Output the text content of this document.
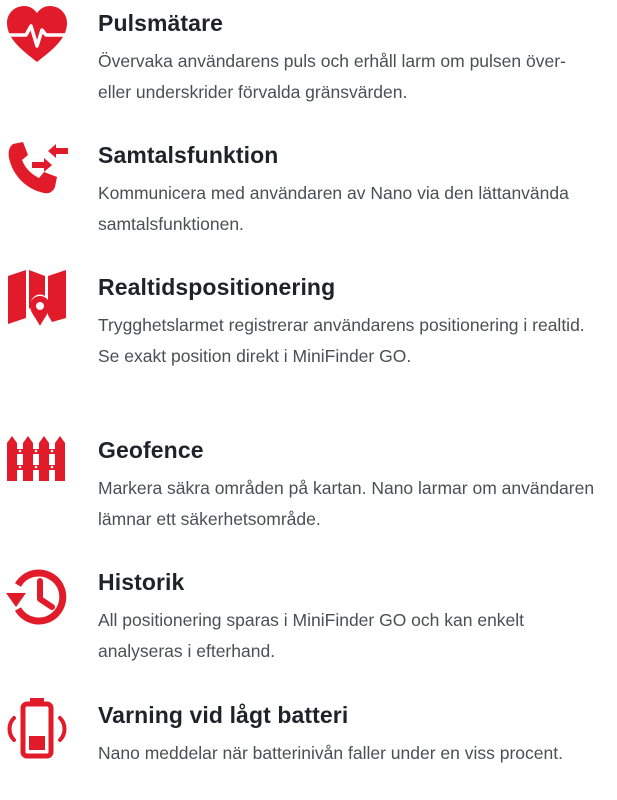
Pulsmätare

Övervaka användarens puls och erhåll larm om pulsen över- eller underskrider förvalda gränsvärden.

Samtalsfunktion

Kommunicera med användaren av Nano via den lättanvända samtalsfunktionen.

Realtidspositionering

Trygghetslarmet registrerar användarens positionering i realtid. Se exakt position direkt i MiniFinder GO.

Geofence

Markera säkra områden på kartan. Nano larmar om användaren lämnar ett säkerhetsområde.

Historik

All positionering sparas i MiniFinder GO och kan enkelt analyseras i efterhand.

Varning vid lågt batteri

Nano meddelar när batterinivån faller under en viss procent.
